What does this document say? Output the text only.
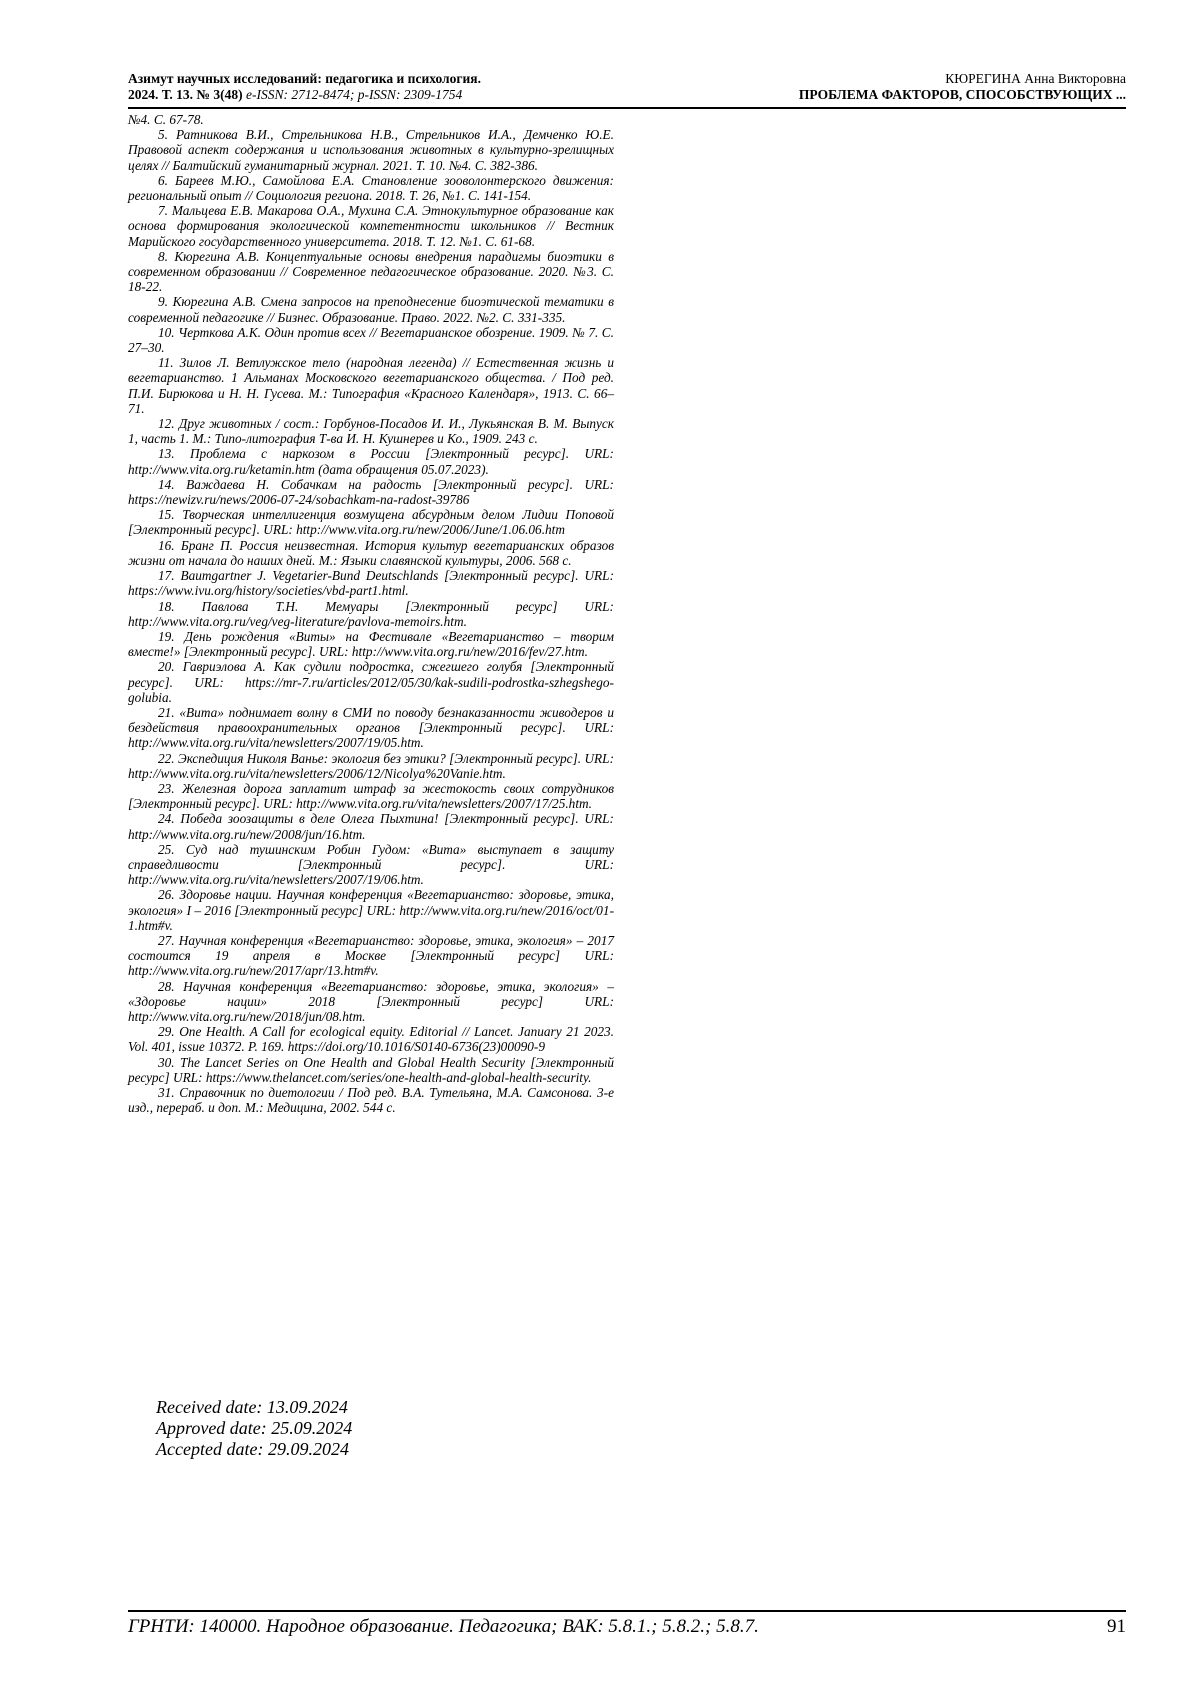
Азимут научных исследований: педагогика и психология.
2024. Т. 13. № 3(48) e-ISSN: 2712-8474; p-ISSN: 2309-1754
КЮРЕГИНА Анна Викторовна
ПРОБЛЕМА ФАКТОРОВ, СПОСОБСТВУЮЩИХ ...

№4. С. 67-78.

5. Ратникова В.И., Стрельникова Н.В., Стрельников И.А., Демченко Ю.Е. Правовой аспект содержания и использования животных в культурно-зрелищных целях // Балтийский гуманитарный журнал. 2021. Т. 10. №4. С. 382-386.

6. Бареев М.Ю., Самойлова Е.А. Становление зооволонтерского движения: региональный опыт // Социология региона. 2018. Т. 26, №1. С. 141-154.

7. Мальцева Е.В. Макарова О.А., Мухина С.А. Этнокультурное образование как основа формирования экологической компетентности школьников // Вестник Марийского государственного университета. 2018. Т. 12. №1. С. 61-68.

8. Кюрегина А.В. Концептуальные основы внедрения парадигмы биоэтики в современном образовании // Современное педагогическое образование. 2020. №3. С. 18-22.

9. Кюрегина А.В. Смена запросов на преподнесение биоэтической тематики в современной педагогике // Бизнес. Образование. Право. 2022. №2. С. 331-335.

10. Черткова А.К. Один против всех // Вегетарианское обозрение. 1909. № 7. С. 27–30.

11. Зилов Л. Ветлужское тело (народная легенда) // Естественная жизнь и вегетарианство. 1 Альманах Московского вегетарианского общества. / Под ред. П.И. Бирюкова и Н. Н. Гусева. М.: Типография «Красного Календаря», 1913. С. 66–71.

12. Друг животных / сост.: Горбунов-Посадов И. И., Лукьянская В. М. Выпуск 1, часть 1. М.: Типо-литография Т-ва И. Н. Кушнерев и Ко., 1909. 243 с.

13. Проблема с наркозом в России [Электронный ресурс]. URL: http://www.vita.org.ru/ketamin.htm (дата обращения 05.07.2023).

14. Важдаева Н. Собачкам на радость [Электронный ресурс]. URL: https://newizv.ru/news/2006-07-24/sobachkam-na-radost-39786

15. Творческая интеллигенция возмущена абсурдным делом Лидии Поповой [Электронный ресурс]. URL: http://www.vita.org.ru/new/2006/June/1.06.06.htm

16. Бранг П. Россия неизвестная. История культур вегетарианских образов жизни от начала до наших дней. М.: Языки славянской культуры, 2006. 568 с.

17. Baumgartner J. Vegetarier-Bund Deutschlands [Электронный ресурс]. URL: https://www.ivu.org/history/societies/vbd-part1.html.

18. Павлова Т.Н. Мемуары [Электронный ресурс] URL: http://www.vita.org.ru/veg/veg-literature/pavlova-memoirs.htm.

19. День рождения «Виты» на Фестивале «Вегетарианство – творим вместе!» [Электронный ресурс]. URL: http://www.vita.org.ru/new/2016/fev/27.htm.

20. Гавриэлова А. Как судили подростка, сжегшего голубя [Электронный ресурс]. URL: https://mr-7.ru/articles/2012/05/30/kak-sudili-podrostka-szhegshego-golubia.

21. «Вита» поднимает волну в СМИ по поводу безнаказанности живодеров и бездействия правоохранительных органов [Электронный ресурс]. URL: http://www.vita.org.ru/vita/newsletters/2007/19/05.htm.

22. Экспедиция Николя Ванье: экология без этики? [Электронный ресурс]. URL: http://www.vita.org.ru/vita/newsletters/2006/12/Nicolya%20Vanie.htm.

23. Железная дорога заплатит штраф за жестокость своих сотрудников [Электронный ресурс]. URL: http://www.vita.org.ru/vita/newsletters/2007/17/25.htm.

24. Победа зоозащиты в деле Олега Пыхтина! [Электронный ресурс]. URL: http://www.vita.org.ru/new/2008/jun/16.htm.

25. Суд над тушинским Робин Гудом: «Вита» выступает в защиту справедливости [Электронный ресурс]. URL: http://www.vita.org.ru/vita/newsletters/2007/19/06.htm.

26. Здоровье нации. Научная конференция «Вегетарианство: здоровье, этика, экология» I – 2016 [Электронный ресурс] URL: http://www.vita.org.ru/new/2016/oct/01-1.htm#v.

27. Научная конференция «Вегетарианство: здоровье, этика, экология» – 2017 состоится 19 апреля в Москве [Электронный ресурс] URL: http://www.vita.org.ru/new/2017/apr/13.htm#v.

28. Научная конференция «Вегетарианство: здоровье, этика, экология» – «Здоровье нации» 2018 [Электронный ресурс] URL: http://www.vita.org.ru/new/2018/jun/08.htm.

29. One Health. A Call for ecological equity. Editorial // Lancet. January 21 2023. Vol. 401, issue 10372. P. 169. https://doi.org/10.1016/S0140-6736(23)00090-9

30. The Lancet Series on One Health and Global Health Security [Электронный ресурс] URL: https://www.thelancet.com/series/one-health-and-global-health-security.

31. Справочник по диетологии / Под ред. В.А. Тутельяна, М.А. Самсонова. 3-е изд., перераб. и доп. М.: Медицина, 2002. 544 с.

Received date: 13.09.2024
Approved date: 25.09.2024
Accepted date: 29.09.2024
ГРНТИ: 140000. Народное образование. Педагогика; ВАК: 5.8.1.; 5.8.2.; 5.8.7.	91
